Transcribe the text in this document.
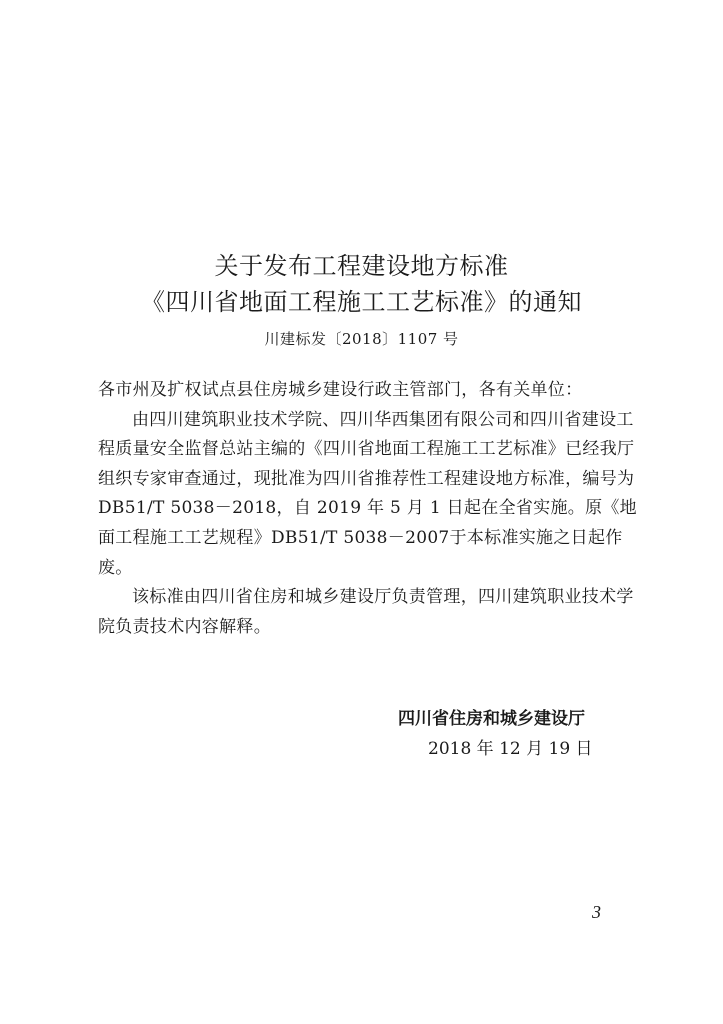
关于发布工程建设地方标准
《四川省地面工程施工工艺标准》的通知
川建标发〔2018〕1107 号

各市州及扩权试点县住房城乡建设行政主管部门，各有关单位：

由四川建筑职业技术学院、四川华西集团有限公司和四川省建设工程质量安全监督总站主编的《四川省地面工程施工工艺标准》已经我厅组织专家审查通过，现批准为四川省推荐性工程建设地方标准，编号为 DB51/T 5038－2018，自 2019 年 5 月 1 日起在全省实施。原《地面工程施工工艺规程》DB51/T 5038－2007于本标准实施之日起作废。

该标准由四川省住房和城乡建设厅负责管理，四川建筑职业技术学院负责技术内容解释。

四川省住房和城乡建设厅
2018 年 12 月 19 日
3
